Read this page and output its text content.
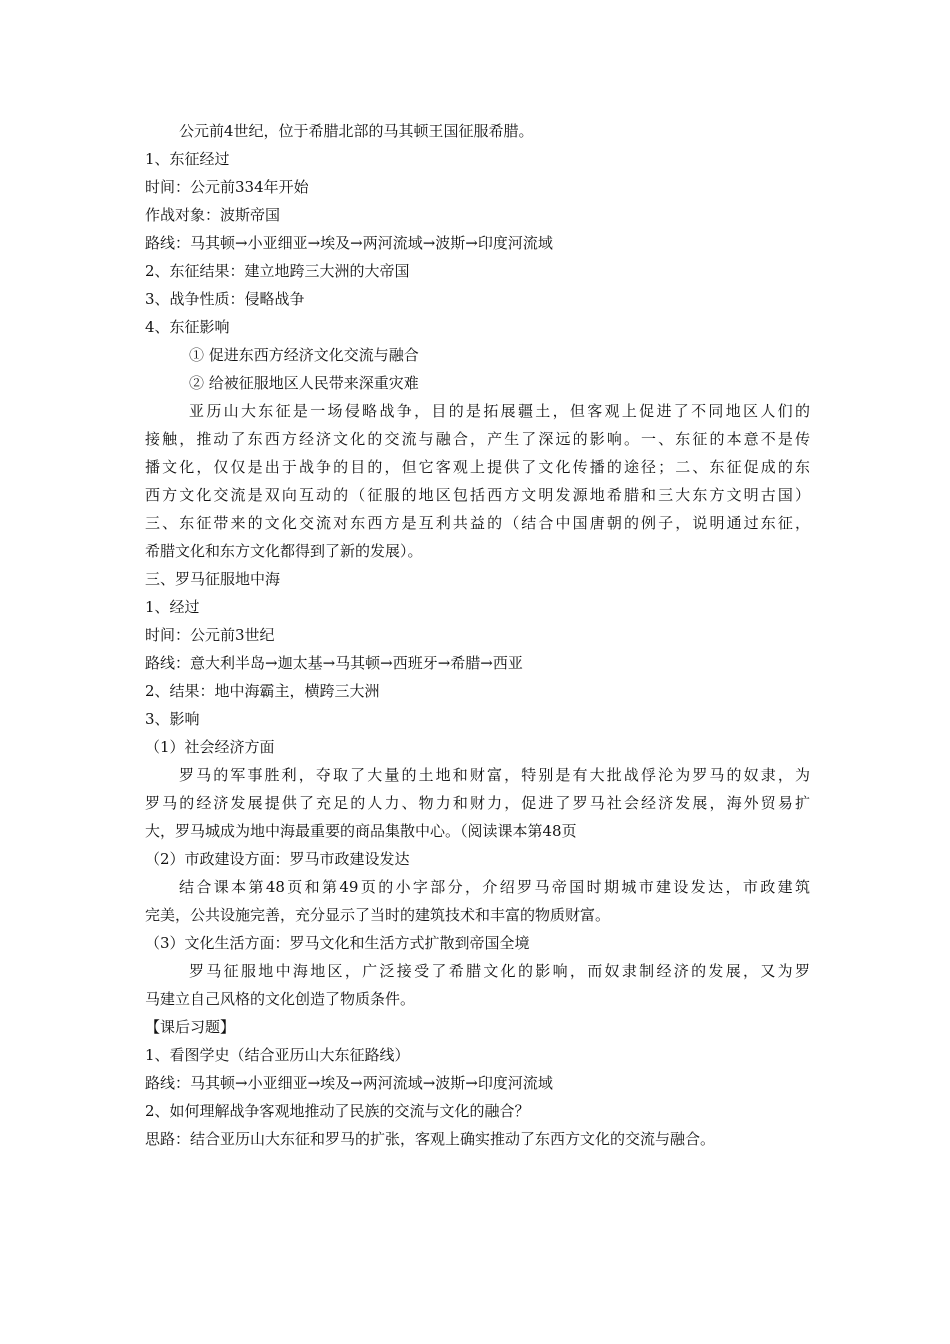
公元前4世纪，位于希腊北部的马其顿王国征服希腊。
1、东征经过
时间：公元前334年开始
作战对象：波斯帝国
路线：马其顿→小亚细亚→埃及→两河流域→波斯→印度河流域
2、东征结果：建立地跨三大洲的大帝国
3、战争性质：侵略战争
4、东征影响
① 促进东西方经济文化交流与融合
② 给被征服地区人民带来深重灾难
亚历山大东征是一场侵略战争，目的是拓展疆土，但客观上促进了不同地区人们的
接触，推动了东西方经济文化的交流与融合，产生了深远的影响。一、东征的本意不是传
播文化，仅仅是出于战争的目的，但它客观上提供了文化传播的途径；二、东征促成的东
西方文化交流是双向互动的（征服的地区包括西方文明发源地希腊和三大东方文明古国）
三、东征带来的文化交流对东西方是互利共益的（结合中国唐朝的例子，说明通过东征，
希腊文化和东方文化都得到了新的发展）。
三、罗马征服地中海
1、经过
时间：公元前3世纪
路线：意大利半岛→迦太基→马其顿→西班牙→希腊→西亚
2、结果：地中海霸主，横跨三大洲
3、影响
（1）社会经济方面
罗马的军事胜利，夺取了大量的土地和财富，特别是有大批战俘沦为罗马的奴隶，为
罗马的经济发展提供了充足的人力、物力和财力，促进了罗马社会经济发展，海外贸易扩
大，罗马城成为地中海最重要的商品集散中心。（阅读课本第48页
（2）市政建设方面：罗马市政建设发达
结合课本第48页和第49页的小字部分，介绍罗马帝国时期城市建设发达，市政建筑
完美，公共设施完善，充分显示了当时的建筑技术和丰富的物质财富。
（3）文化生活方面：罗马文化和生活方式扩散到帝国全境
罗马征服地中海地区，广泛接受了希腊文化的影响，而奴隶制经济的发展，又为罗
马建立自己风格的文化创造了物质条件。
【课后习题】
1、看图学史（结合亚历山大东征路线）
路线：马其顿→小亚细亚→埃及→两河流域→波斯→印度河流域
2、如何理解战争客观地推动了民族的交流与文化的融合？
思路：结合亚历山大东征和罗马的扩张，客观上确实推动了东西方文化的交流与融合。
